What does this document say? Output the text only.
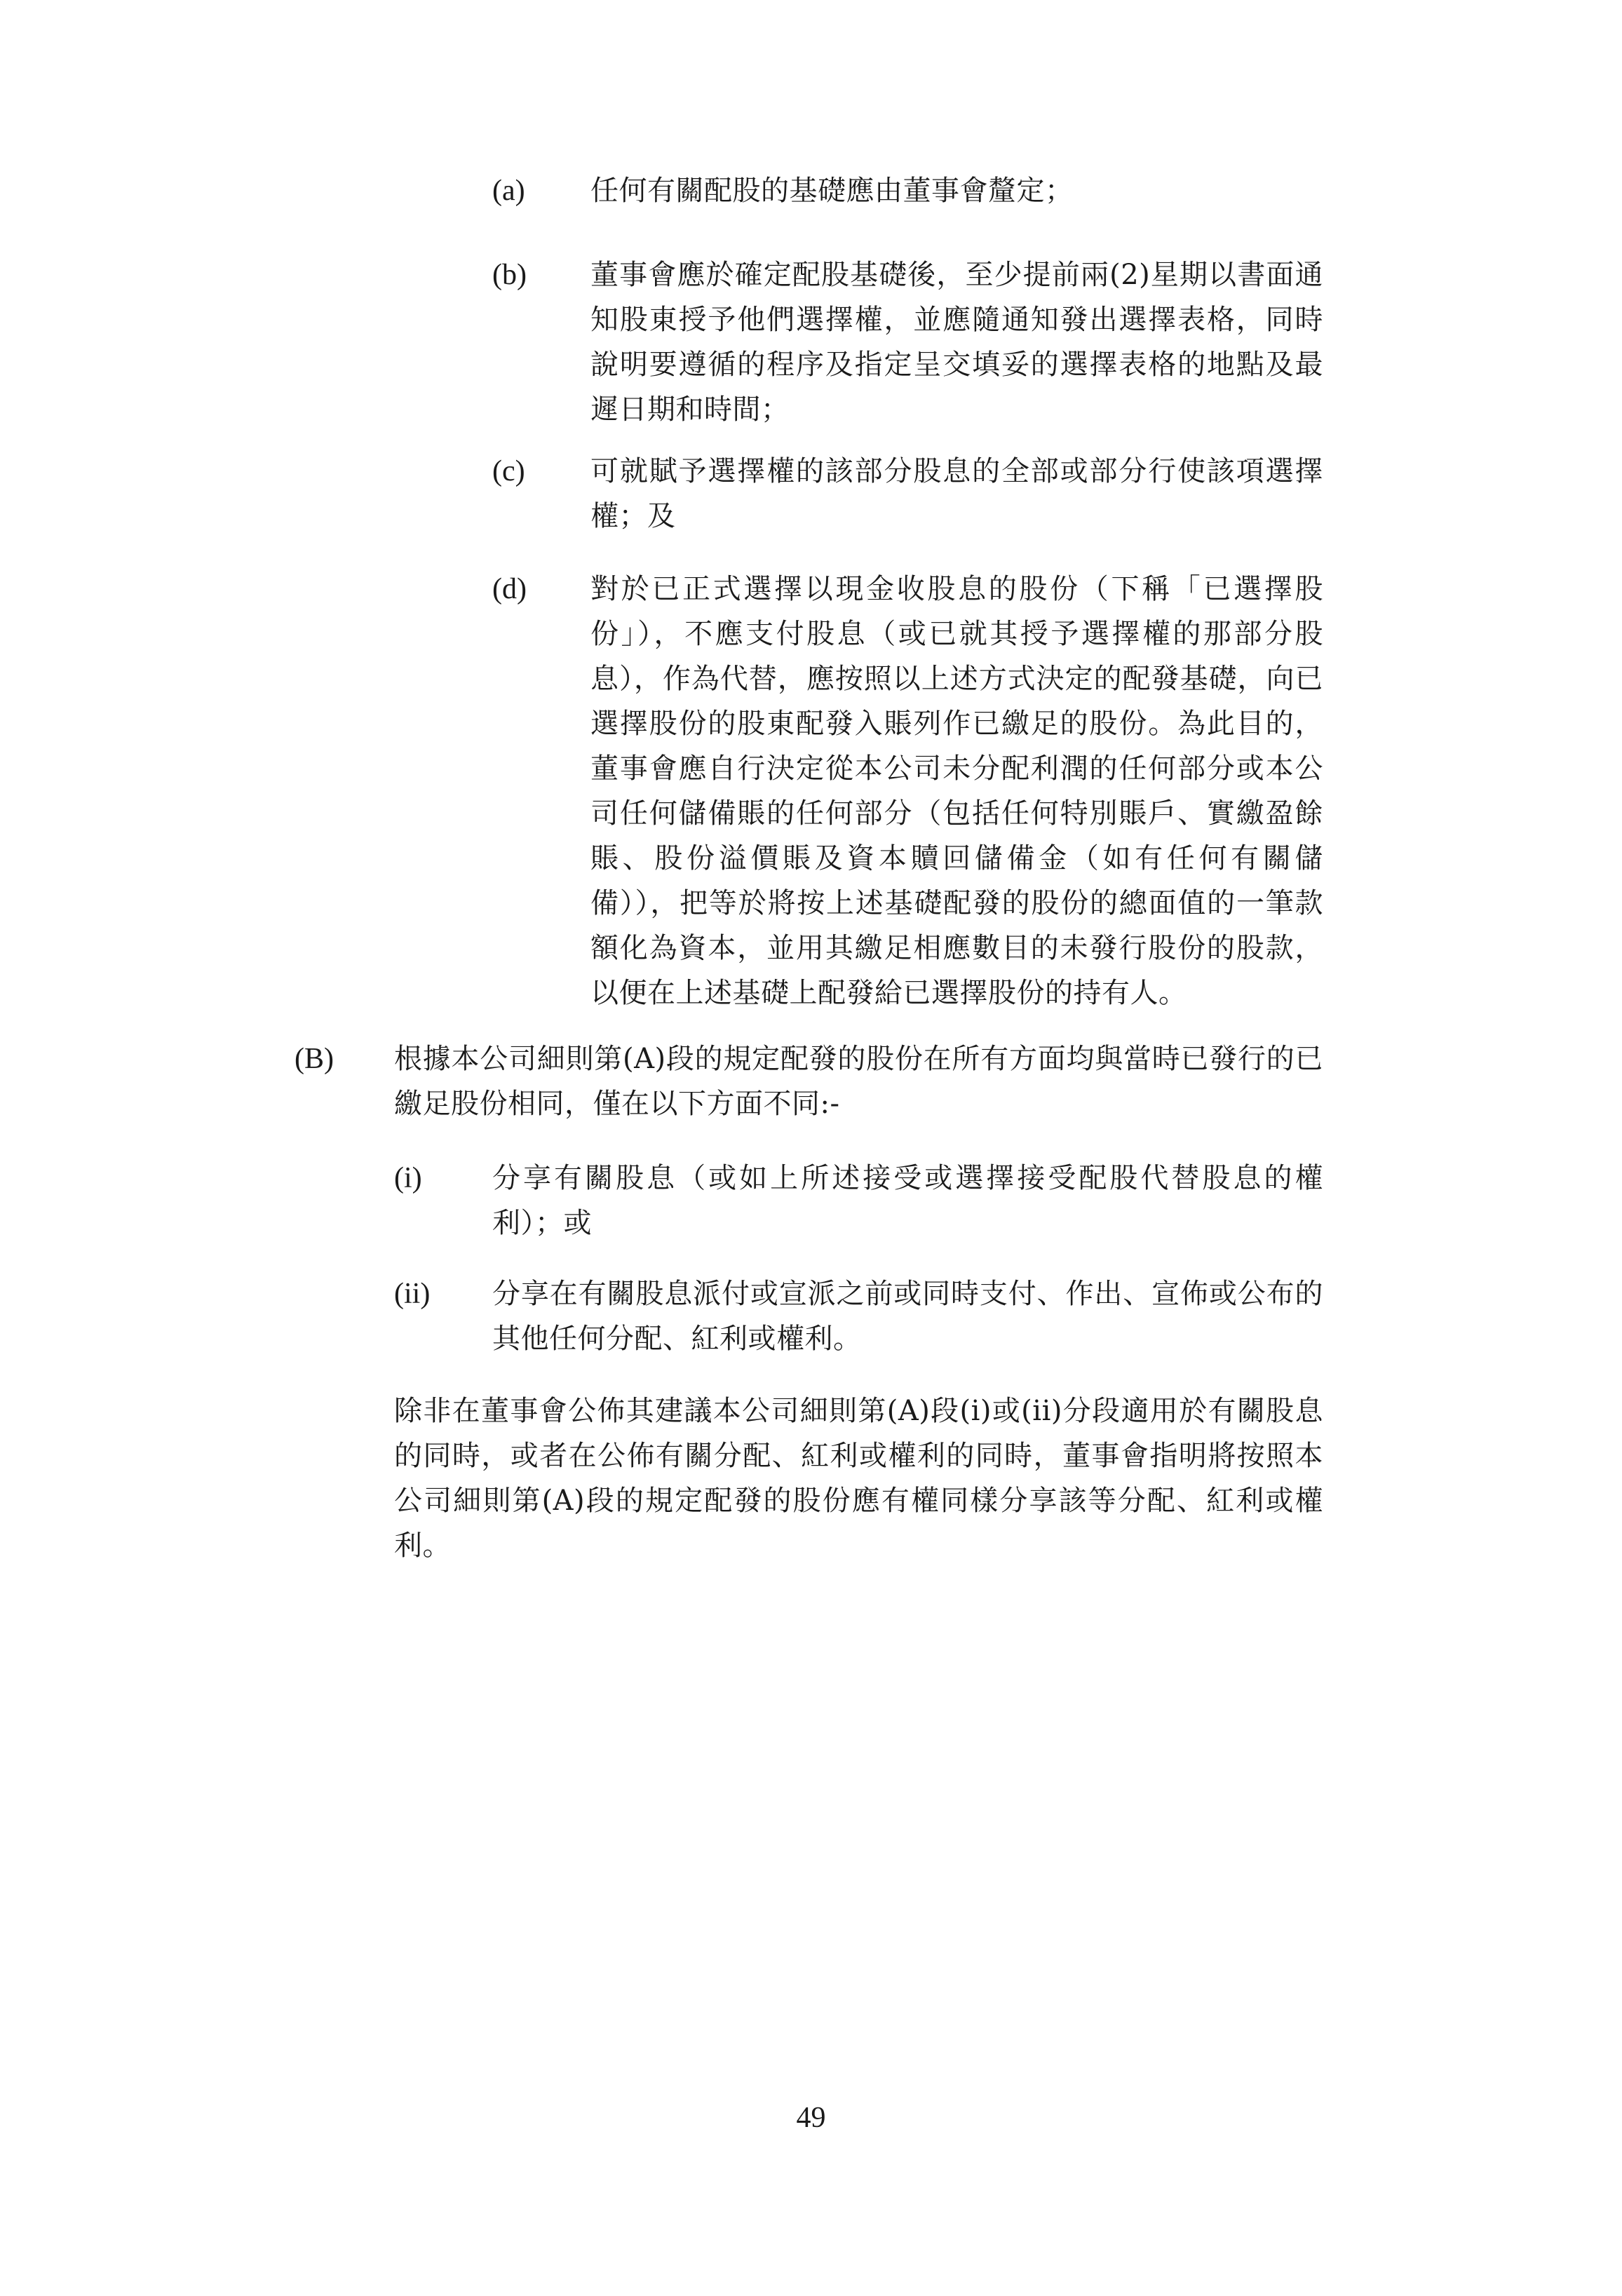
(a)	任何有關配股的基礎應由董事會釐定；
(b)	董事會應於確定配股基礎後，至少提前兩(2)星期以書面通知股東授予他們選擇權，並應隨通知發出選擇表格，同時說明要遵循的程序及指定呈交填妥的選擇表格的地點及最遲日期和時間；
(c)	可就賦予選擇權的該部分股息的全部或部分行使該項選擇權；及
(d)	對於已正式選擇以現金收股息的股份（下稱「已選擇股份」），不應支付股息（或已就其授予選擇權的那部分股息），作為代替，應按照以上述方式決定的配發基礎，向已選擇股份的股東配發入賬列作已繳足的股份。為此目的，董事會應自行決定從本公司未分配利潤的任何部分或本公司任何儲備賬的任何部分（包括任何特別賬戶、實繳盈餘賬、股份溢價賬及資本贖回儲備金（如有任何有關儲備）），把等於將按上述基礎配發的股份的總面值的一筆款額化為資本，並用其繳足相應數目的未發行股份的股款，以便在上述基礎上配發給已選擇股份的持有人。
(B)	根據本公司細則第(A)段的規定配發的股份在所有方面均與當時已發行的已繳足股份相同，僅在以下方面不同:-
(i)	分享有關股息（或如上所述接受或選擇接受配股代替股息的權利）；或
(ii)	分享在有關股息派付或宣派之前或同時支付、作出、宣佈或公布的其他任何分配、紅利或權利。
除非在董事會公佈其建議本公司細則第(A)段(i)或(ii)分段適用於有關股息的同時，或者在公佈有關分配、紅利或權利的同時，董事會指明將按照本公司細則第(A)段的規定配發的股份應有權同樣分享該等分配、紅利或權利。
49
